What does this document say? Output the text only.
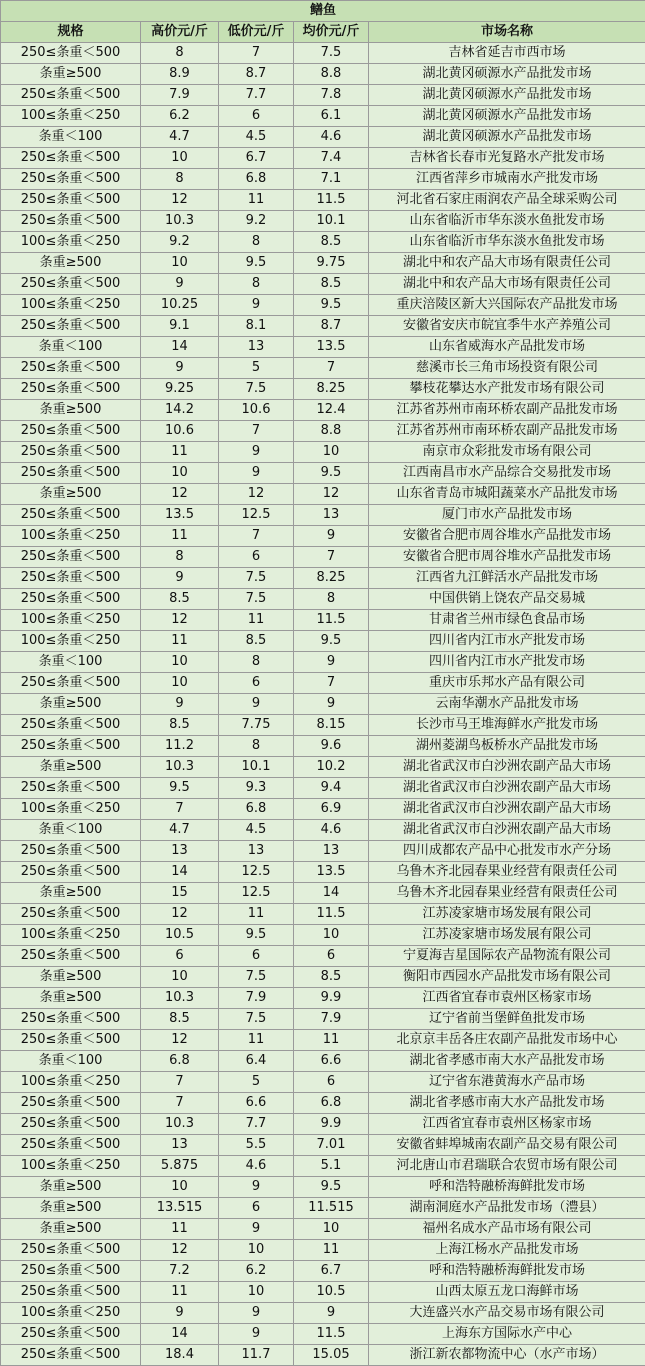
鳝鱼				
规格	高价元/斤	低价元/斤	均价元/斤	市场名称
250≤条重＜500	8	7	7.5	吉林省延吉市西市场
条重≥500	8.9	8.7	8.8	湖北黄冈硕源水产品批发市场
250≤条重＜500	7.9	7.7	7.8	湖北黄冈硕源水产品批发市场
100≤条重＜250	6.2	6	6.1	湖北黄冈硕源水产品批发市场
条重＜100	4.7	4.5	4.6	湖北黄冈硕源水产品批发市场
250≤条重＜500	10	6.7	7.4	吉林省长春市光复路水产批发市场
250≤条重＜500	8	6.8	7.1	江西省萍乡市城南水产批发市场
250≤条重＜500	12	11	11.5	河北省石家庄雨润农产品全球采购公司
250≤条重＜500	10.3	9.2	10.1	山东省临沂市华东淡水鱼批发市场
100≤条重＜250	9.2	8	8.5	山东省临沂市华东淡水鱼批发市场
条重≥500	10	9.5	9.75	湖北中和农产品大市场有限责任公司
250≤条重＜500	9	8	8.5	湖北中和农产品大市场有限责任公司
100≤条重＜250	10.25	9	9.5	重庆涪陵区新大兴国际农产品批发市场
250≤条重＜500	9.1	8.1	8.7	安徽省安庆市皖宜季牛水产养殖公司
条重＜100	14	13	13.5	山东省威海水产品批发市场
250≤条重＜500	9	5	7	慈溪市长三角市场投资有限公司
250≤条重＜500	9.25	7.5	8.25	攀枝花攀达水产批发市场有限公司
条重≥500	14.2	10.6	12.4	江苏省苏州市南环桥农副产品批发市场
250≤条重＜500	10.6	7	8.8	江苏省苏州市南环桥农副产品批发市场
250≤条重＜500	11	9	10	南京市众彩批发市场有限公司
250≤条重＜500	10	9	9.5	江西南昌市水产品综合交易批发市场
条重≥500	12	12	12	山东省青岛市城阳蔬菜水产品批发市场
250≤条重＜500	13.5	12.5	13	厦门市水产品批发市场
100≤条重＜250	11	7	9	安徽省合肥市周谷堆水产品批发市场
250≤条重＜500	8	6	7	安徽省合肥市周谷堆水产品批发市场
250≤条重＜500	9	7.5	8.25	江西省九江鲜活水产品批发市场
250≤条重＜500	8.5	7.5	8	中国供销上饶农产品交易城
100≤条重＜250	12	11	11.5	甘肃省兰州市绿色食品市场
100≤条重＜250	11	8.5	9.5	四川省内江市水产批发市场
条重＜100	10	8	9	四川省内江市水产批发市场
250≤条重＜500	10	6	7	重庆市乐邦水产品有限公司
条重≥500	9	9	9	云南华潮水产品批发市场
250≤条重＜500	8.5	7.75	8.15	长沙市马王堆海鲜水产批发市场
250≤条重＜500	11.2	8	9.6	湖州菱湖鸟板桥水产品批发市场
条重≥500	10.3	10.1	10.2	湖北省武汉市白沙洲农副产品大市场
250≤条重＜500	9.5	9.3	9.4	湖北省武汉市白沙洲农副产品大市场
100≤条重＜250	7	6.8	6.9	湖北省武汉市白沙洲农副产品大市场
条重＜100	4.7	4.5	4.6	湖北省武汉市白沙洲农副产品大市场
250≤条重＜500	13	13	13	四川成都农产品中心批发市水产分场
250≤条重＜500	14	12.5	13.5	乌鲁木齐北园春果业经营有限责任公司
条重≥500	15	12.5	14	乌鲁木齐北园春果业经营有限责任公司
250≤条重＜500	12	11	11.5	江苏凌家塘市场发展有限公司
100≤条重＜250	10.5	9.5	10	江苏凌家塘市场发展有限公司
250≤条重＜500	6	6	6	宁夏海吉星国际农产品物流有限公司
条重≥500	10	7.5	8.5	衡阳市西园水产品批发市场有限公司
条重≥500	10.3	7.9	9.9	江西省宜春市袁州区杨家市场
250≤条重＜500	8.5	7.5	7.9	辽宁省前当堡鲜鱼批发市场
250≤条重＜500	12	11	11	北京京丰岳各庄农副产品批发市场中心
条重＜100	6.8	6.4	6.6	湖北省孝感市南大水产品批发市场
100≤条重＜250	7	5	6	辽宁省东港黄海水产品市场
250≤条重＜500	7	6.6	6.8	湖北省孝感市南大水产品批发市场
250≤条重＜500	10.3	7.7	9.9	江西省宜春市袁州区杨家市场
250≤条重＜500	13	5.5	7.01	安徽省蚌埠城南农副产品交易有限公司
100≤条重＜250	5.875	4.6	5.1	河北唐山市君瑞联合农贸市场有限公司
条重≥500	10	9	9.5	呼和浩特融桥海鲜批发市场
条重≥500	13.515	6	11.515	湖南洞庭水产品批发市场（澧县）
条重≥500	11	9	10	福州名成水产品市场有限公司
250≤条重＜500	12	10	11	上海江杨水产品批发市场
250≤条重＜500	7.2	6.2	6.7	呼和浩特融桥海鲜批发市场
250≤条重＜500	11	10	10.5	山西太原五龙口海鲜市场
100≤条重＜250	9	9	9	大连盛兴水产品交易市场有限公司
250≤条重＜500	14	9	11.5	上海东方国际水产中心
250≤条重＜500	18.4	11.7	15.05	浙江新农都物流中心（水产市场）
